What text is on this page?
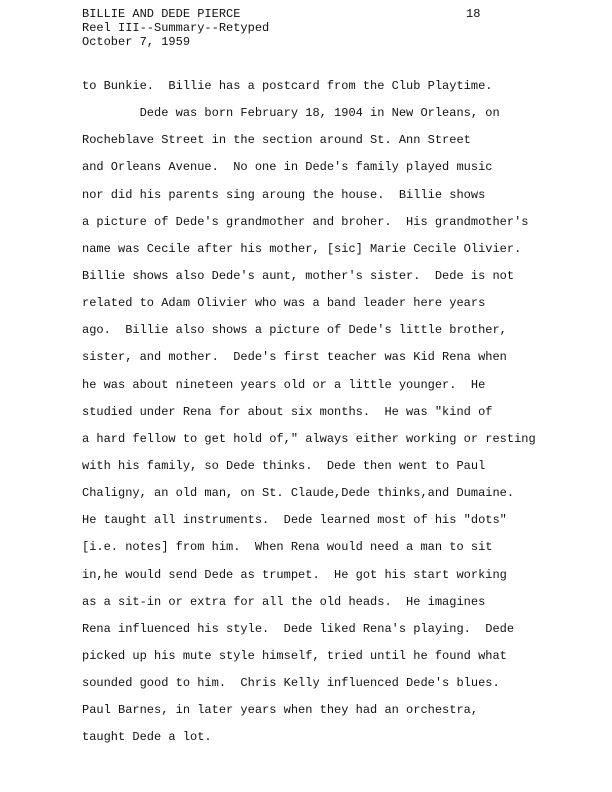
BILLIE AND DEDE PIERCE
Reel III--Summary--Retyped
October 7, 1959
18
to Bunkie.  Billie has a postcard from the Club Playtime.
Dede was born February 18, 1904 in New Orleans, on
Rocheblave Street in the section around St. Ann Street
and Orleans Avenue.  No one in Dede's family played music
nor did his parents sing aroung the house.  Billie shows
a picture of Dede's grandmother and broher.  His grandmother's
name was Cecile after his mother, [sic] Marie Cecile Olivier.
Billie shows also Dede's aunt, mother's sister.  Dede is not
related to Adam Olivier who was a band leader here years
ago.  Billie also shows a picture of Dede's little brother,
sister, and mother.  Dede's first teacher was Kid Rena when
he was about nineteen years old or a little younger.  He
studied under Rena for about six months.  He was "kind of
a hard fellow to get hold of," always either working or resting
with his family, so Dede thinks.  Dede then went to Paul
Chaligny, an old man, on St. Claude,Dede thinks,and Dumaine.
He taught all instruments.  Dede learned most of his "dots"
[i.e. notes] from him.  When Rena would need a man to sit
in,he would send Dede as trumpet.  He got his start working
as a sit-in or extra for all the old heads.  He imagines
Rena influenced his style.  Dede liked Rena's playing.  Dede
picked up his mute style himself, tried until he found what
sounded good to him.  Chris Kelly influenced Dede's blues.
Paul Barnes, in later years when they had an orchestra,
taught Dede a lot.
